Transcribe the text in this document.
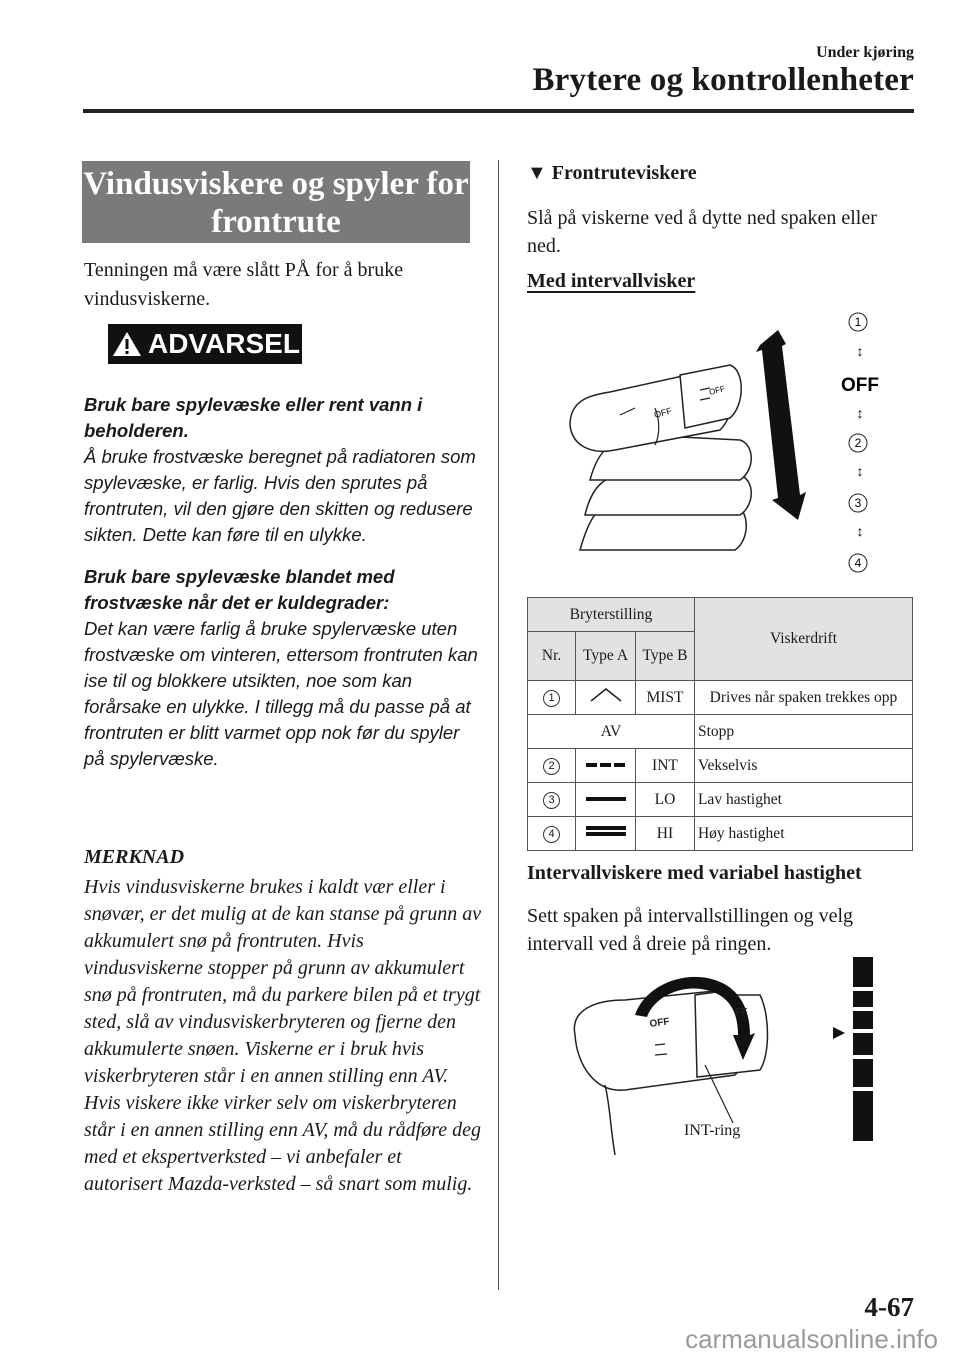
Under kjøring
Brytere og kontrollenheter
Vindusviskere og spyler for frontrute
Tenningen må være slått PÅ for å bruke vindusviskerne.
ADVARSEL

Bruk bare spylevæske eller rent vann i beholderen.
Å bruke frostvæske beregnet på radiatoren som spylevæske, er farlig. Hvis den sprutes på frontruten, vil den gjøre den skitten og redusere sikten. Dette kan føre til en ulykke.

Bruk bare spylevæske blandet med frostvæske når det er kuldegrader:
Det kan være farlig å bruke spylervæske uten frostvæske om vinteren, ettersom frontruten kan ise til og blokkere utsikten, noe som kan forårsake en ulykke. I tillegg må du passe på at frontruten er blitt varmet opp nok før du spyler på spylervæske.

MERKNAD
Hvis vindusviskerne brukes i kaldt vær eller i snøvær, er det mulig at de kan stanse på grunn av akkumulert snø på frontruten. Hvis vindusviskerne stopper på grunn av akkumulert snø på frontruten, må du parkere bilen på et trygt sted, slå av vindusviskerbryteren og fjerne den akkumulerte snøen. Viskerne er i bruk hvis viskerbryteren står i en annen stilling enn AV. Hvis viskere ikke virker selv om viskerbryteren står i en annen stilling enn AV, må du rådføre deg med et ekspertverksted – vi anbefaler et autorisert Mazda-verksted – så snart som mulig.
▼ Frontruteviskere
Slå på viskerne ved å dytte ned spaken eller ned.
Med intervallvisker
OFF
OFF
1
↕
OFF
↕
2
↕
3
↕
4
Bryterstilling			Viskerdrift
Nr.	Type A	Type B	
1		MIST	Drives når spaken trekkes opp
AV			Stopp
2		INT	Vekselvis
3		LO	Lav hastighet
4		HI	Høy hastighet
Intervallviskere med variabel hastighet
Sett spaken på intervallstillingen og velg intervall ved å dreie på ringen.
OFF
FF
INT-ring
4-67
carmanualsonline.info
